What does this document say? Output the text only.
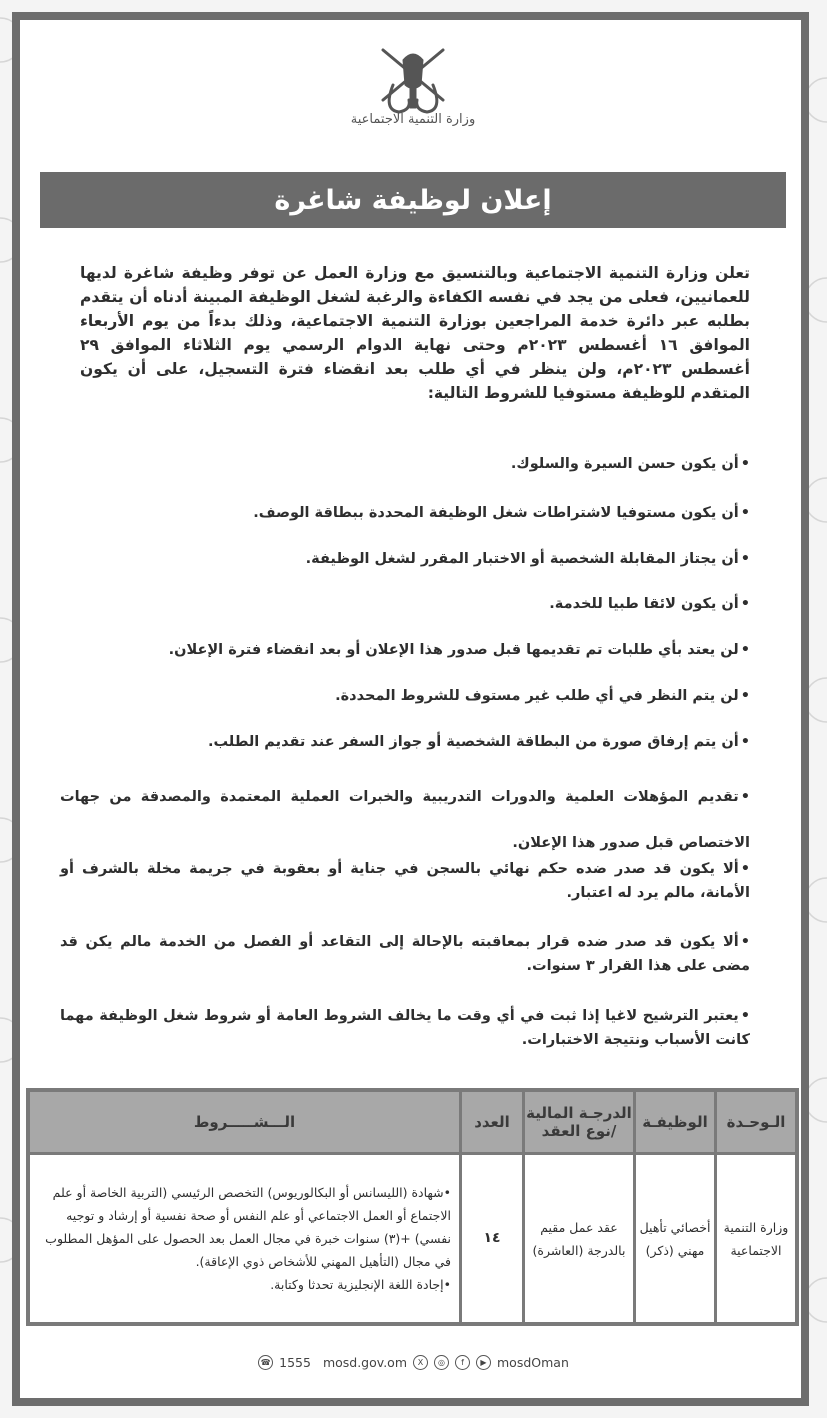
وزارة التنمية الاجتماعية
إعلان لوظيفة شاغرة
تعلن وزارة التنمية الاجتماعية وبالتنسيق مع وزارة العمل عن توفر وظيفة شاغرة لديها للعمانيين، فعلى من يجد في نفسه الكفاءة والرغبة لشغل الوظيفة المبينة أدناه أن يتقدم بطلبه عبر دائرة خدمة المراجعين بوزارة التنمية الاجتماعية، وذلك بدءاً من يوم الأربعاء الموافق ١٦ أغسطس ٢٠٢٣م وحتى نهاية الدوام الرسمي يوم الثلاثاء الموافق ٢٩ أغسطس ٢٠٢٣م، ولن ينظر في أي طلب بعد انقضاء فترة التسجيل، على أن يكون المتقدم للوظيفة مستوفيا للشروط التالية:
•أن يكون حسن السيرة والسلوك.
•أن يكون مستوفيا لاشتراطات شغل الوظيفة المحددة ببطاقة الوصف.
•أن يجتاز المقابلة الشخصية أو الاختبار المقرر لشغل الوظيفة.
•أن يكون لائقا طبيا للخدمة.
•لن يعتد بأي طلبات تم تقديمها قبل صدور هذا الإعلان أو بعد انقضاء فترة الإعلان.
•لن يتم النظر في أي طلب غير مستوف للشروط المحددة.
•أن يتم إرفاق صورة من البطاقة الشخصية أو جواز السفر عند تقديم الطلب.
•تقديم المؤهلات العلمية والدورات التدريبية والخبرات العملية المعتمدة والمصدقة من جهات الاختصاص قبل صدور هذا الإعلان.
•ألا يكون قد صدر ضده حكم نهائي بالسجن في جناية أو بعقوبة في جريمة مخلة بالشرف أو الأمانة، مالم يرد له اعتبار.
•ألا يكون قد صدر ضده قرار بمعاقبته بالإحالة إلى التقاعد أو الفصل من الخدمة مالم يكن قد مضى على هذا القرار ٣ سنوات.
•يعتبر الترشيح لاغيا إذا ثبت في أي وقت ما يخالف الشروط العامة أو شروط شغل الوظيفة مهما كانت الأسباب ونتيجة الاختبارات.
الـوحـدة	الوظيفـة	الدرجـة المالية /نوع العقد	العدد	الـــشـــــروط
وزارة التنمية الاجتماعية	أخصائي تأهيل مهني (ذكر)	عقد عمل مقيم بالدرجة (العاشرة)	١٤	•شهادة (الليسانس أو البكالوريوس) التخصص الرئيسي (التربية الخاصة أو علم الاجتماع أو العمل الاجتماعي أو علم النفس أو صحة نفسية أو إرشاد و توجيه نفسي) +(٣) سنوات خبرة في مجال العمل بعد الحصول على المؤهل المطلوب في مجال (التأهيل المهني للأشخاص ذوي الإعاقة).
•إجادة اللغة الإنجليزية تحدثا وكتابة.
☎ 1555 mosd.gov.om	X	◎	f	▶ mosdOman
